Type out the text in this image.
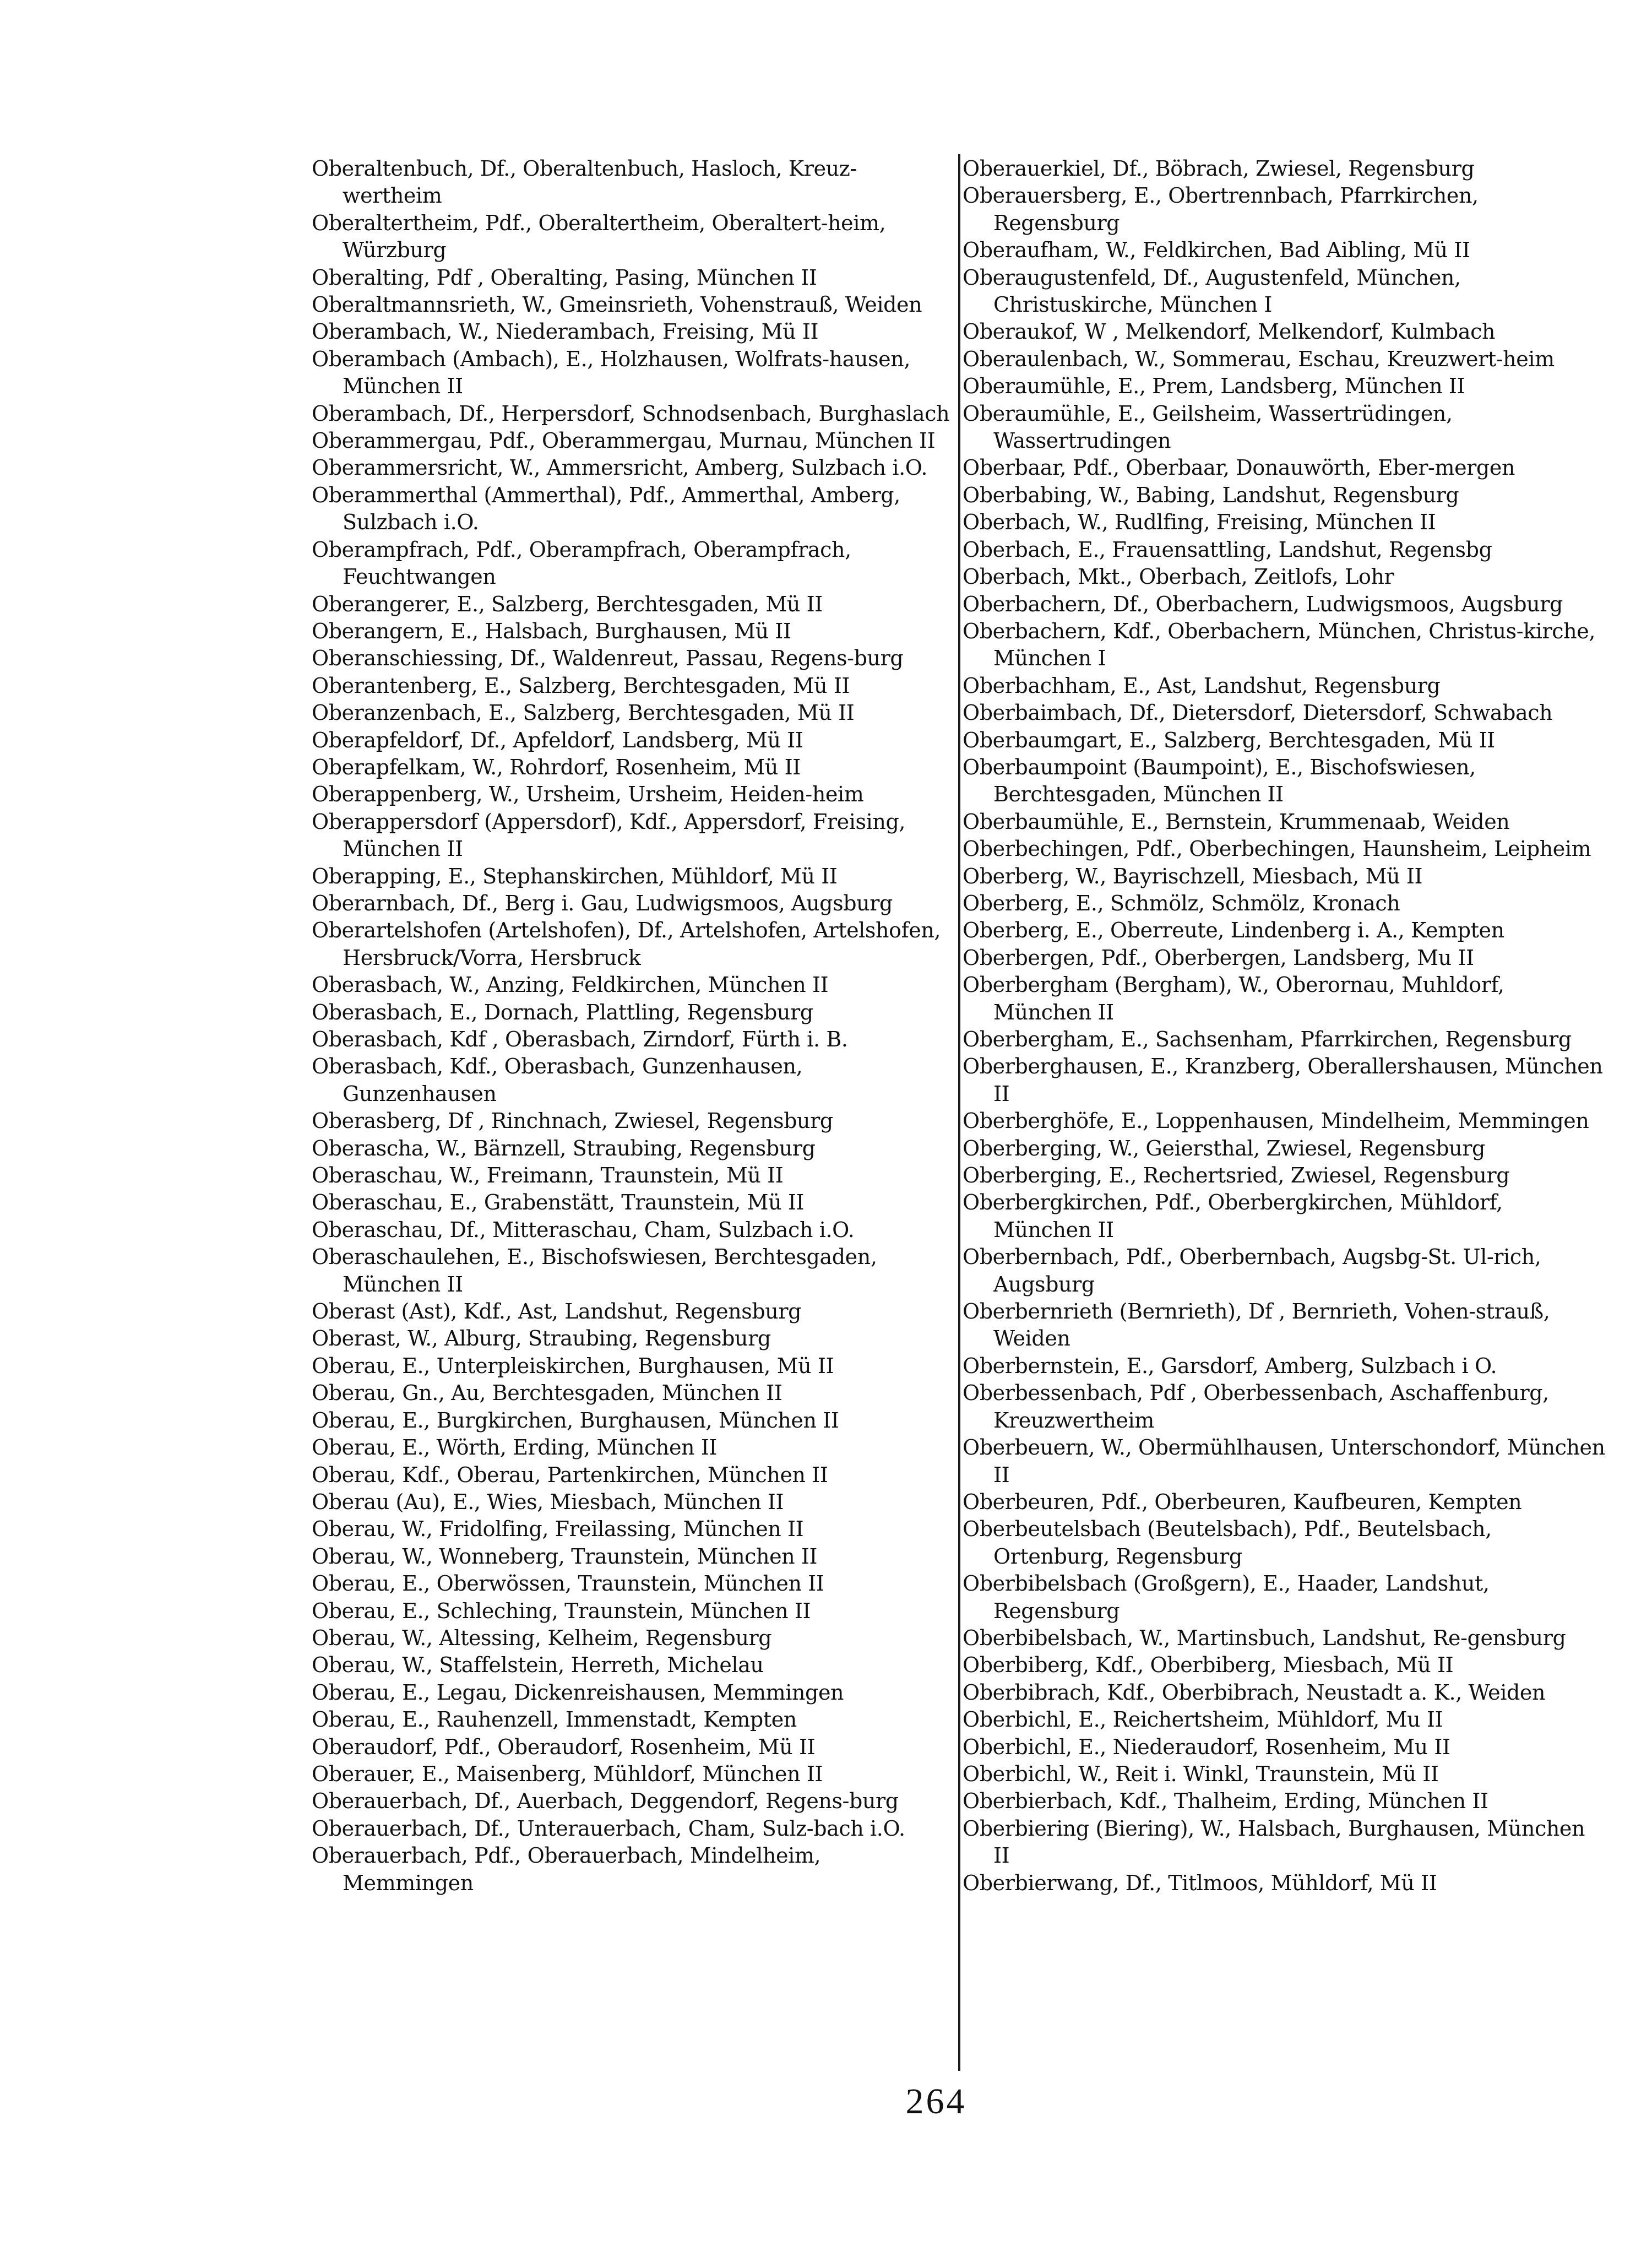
Oberaltenbuch, Df., Oberaltenbuch, Hasloch, Kreuz-wertheim

Oberaltertheim, Pdf., Oberaltertheim, Oberaltert-heim, Würzburg

Oberalting, Pdf , Oberalting, Pasing, München II

Oberaltmannsrieth, W., Gmeinsrieth, Vohenstrauß, Weiden

Oberambach, W., Niederambach, Freising, Mü II

Oberambach (Ambach), E., Holzhausen, Wolfrats-hausen, München II

Oberambach, Df., Herpersdorf, Schnodsenbach, Burghaslach

Oberammergau, Pdf., Oberammergau, Murnau, München II

Oberammersricht, W., Ammersricht, Amberg, Sulzbach i.O.

Oberammerthal (Ammerthal), Pdf., Ammerthal, Amberg, Sulzbach i.O.

Oberampfrach, Pdf., Oberampfrach, Oberampfrach, Feuchtwangen

Oberangerer, E., Salzberg, Berchtesgaden, Mü II

Oberangern, E., Halsbach, Burghausen, Mü II

Oberanschiessing, Df., Waldenreut, Passau, Regens-burg

Oberantenberg, E., Salzberg, Berchtesgaden, Mü II

Oberanzenbach, E., Salzberg, Berchtesgaden, Mü II

Oberapfeldorf, Df., Apfeldorf, Landsberg, Mü II

Oberapfelkam, W., Rohrdorf, Rosenheim, Mü II

Oberappenberg, W., Ursheim, Ursheim, Heiden-heim

Oberappersdorf (Appersdorf), Kdf., Appersdorf, Freising, München II

Oberapping, E., Stephanskirchen, Mühldorf, Mü II

Oberarnbach, Df., Berg i. Gau, Ludwigsmoos, Augsburg

Oberartelshofen (Artelshofen), Df., Artelshofen, Artelshofen, Hersbruck/Vorra, Hersbruck

Oberasbach, W., Anzing, Feldkirchen, München II

Oberasbach, E., Dornach, Plattling, Regensburg

Oberasbach, Kdf , Oberasbach, Zirndorf, Fürth i. B.

Oberasbach, Kdf., Oberasbach, Gunzenhausen, Gunzenhausen

Oberasberg, Df , Rinchnach, Zwiesel, Regensburg

Oberascha, W., Bärnzell, Straubing, Regensburg

Oberaschau, W., Freimann, Traunstein, Mü II

Oberaschau, E., Grabenstätt, Traunstein, Mü II

Oberaschau, Df., Mitteraschau, Cham, Sulzbach i.O.

Oberaschaulehen, E., Bischofswiesen, Berchtesgaden, München II

Oberast (Ast), Kdf., Ast, Landshut, Regensburg

Oberast, W., Alburg, Straubing, Regensburg

Oberau, E., Unterpleiskirchen, Burghausen, Mü II

Oberau, Gn., Au, Berchtesgaden, München II

Oberau, E., Burgkirchen, Burghausen, München II

Oberau, E., Wörth, Erding, München II

Oberau, Kdf., Oberau, Partenkirchen, München II

Oberau (Au), E., Wies, Miesbach, München II

Oberau, W., Fridolfing, Freilassing, München II

Oberau, W., Wonneberg, Traunstein, München II

Oberau, E., Oberwössen, Traunstein, München II

Oberau, E., Schleching, Traunstein, München II

Oberau, W., Altessing, Kelheim, Regensburg

Oberau, W., Staffelstein, Herreth, Michelau

Oberau, E., Legau, Dickenreishausen, Memmingen

Oberau, E., Rauhenzell, Immenstadt, Kempten

Oberaudorf, Pdf., Oberaudorf, Rosenheim, Mü II

Oberauer, E., Maisenberg, Mühldorf, München II

Oberauerbach, Df., Auerbach, Deggendorf, Regens-burg

Oberauerbach, Df., Unterauerbach, Cham, Sulz-bach i.O.

Oberauerbach, Pdf., Oberauerbach, Mindelheim, Memmingen

Oberauerkiel, Df., Böbrach, Zwiesel, Regensburg

Oberauersberg, E., Obertrennbach, Pfarrkirchen, Regensburg

Oberaufham, W., Feldkirchen, Bad Aibling, Mü II

Oberaugustenfeld, Df., Augustenfeld, München, Christuskirche, München I

Oberaukof, W , Melkendorf, Melkendorf, Kulmbach

Oberaulenbach, W., Sommerau, Eschau, Kreuzwert-heim

Oberaumühle, E., Prem, Landsberg, München II

Oberaumühle, E., Geilsheim, Wassertrüdingen, Wassertrudingen

Oberbaar, Pdf., Oberbaar, Donauwörth, Eber-mergen

Oberbabing, W., Babing, Landshut, Regensburg

Oberbach, W., Rudlfing, Freising, München II

Oberbach, E., Frauensattling, Landshut, Regensbg

Oberbach, Mkt., Oberbach, Zeitlofs, Lohr

Oberbachern, Df., Oberbachern, Ludwigsmoos, Augsburg

Oberbachern, Kdf., Oberbachern, München, Christus-kirche, München I

Oberbachham, E., Ast, Landshut, Regensburg

Oberbaimbach, Df., Dietersdorf, Dietersdorf, Schwabach

Oberbaumgart, E., Salzberg, Berchtesgaden, Mü II

Oberbaumpoint (Baumpoint), E., Bischofswiesen, Berchtesgaden, München II

Oberbaumühle, E., Bernstein, Krummenaab, Weiden

Oberbechingen, Pdf., Oberbechingen, Haunsheim, Leipheim

Oberberg, W., Bayrischzell, Miesbach, Mü II

Oberberg, E., Schmölz, Schmölz, Kronach

Oberberg, E., Oberreute, Lindenberg i. A., Kempten

Oberbergen, Pdf., Oberbergen, Landsberg, Mu II

Oberbergham (Bergham), W., Oberornau, Muhldorf, München II

Oberbergham, E., Sachsenham, Pfarrkirchen, Regensburg

Oberberghausen, E., Kranzberg, Oberallershausen, München II

Oberberghöfe, E., Loppenhausen, Mindelheim, Memmingen

Oberberging, W., Geiersthal, Zwiesel, Regensburg

Oberberging, E., Rechertsried, Zwiesel, Regensburg

Oberbergkirchen, Pdf., Oberbergkirchen, Mühldorf, München II

Oberbernbach, Pdf., Oberbernbach, Augsbg-St. Ul-rich, Augsburg

Oberbernrieth (Bernrieth), Df , Bernrieth, Vohen-strauß, Weiden

Oberbernstein, E., Garsdorf, Amberg, Sulzbach i O.

Oberbessenbach, Pdf , Oberbessenbach, Aschaffenburg, Kreuzwertheim

Oberbeuern, W., Obermühlhausen, Unterschondorf, München II

Oberbeuren, Pdf., Oberbeuren, Kaufbeuren, Kempten

Oberbeutelsbach (Beutelsbach), Pdf., Beutelsbach, Ortenburg, Regensburg

Oberbibelsbach (Großgern), E., Haader, Landshut, Regensburg

Oberbibelsbach, W., Martinsbuch, Landshut, Re-gensburg

Oberbiberg, Kdf., Oberbiberg, Miesbach, Mü II

Oberbibrach, Kdf., Oberbibrach, Neustadt a. K., Weiden

Oberbichl, E., Reichertsheim, Mühldorf, Mu II

Oberbichl, E., Niederaudorf, Rosenheim, Mu II

Oberbichl, W., Reit i. Winkl, Traunstein, Mü II

Oberbierbach, Kdf., Thalheim, Erding, München II

Oberbiering (Biering), W., Halsbach, Burghausen, München II

Oberbierwang, Df., Titlmoos, Mühldorf, Mü II

264
